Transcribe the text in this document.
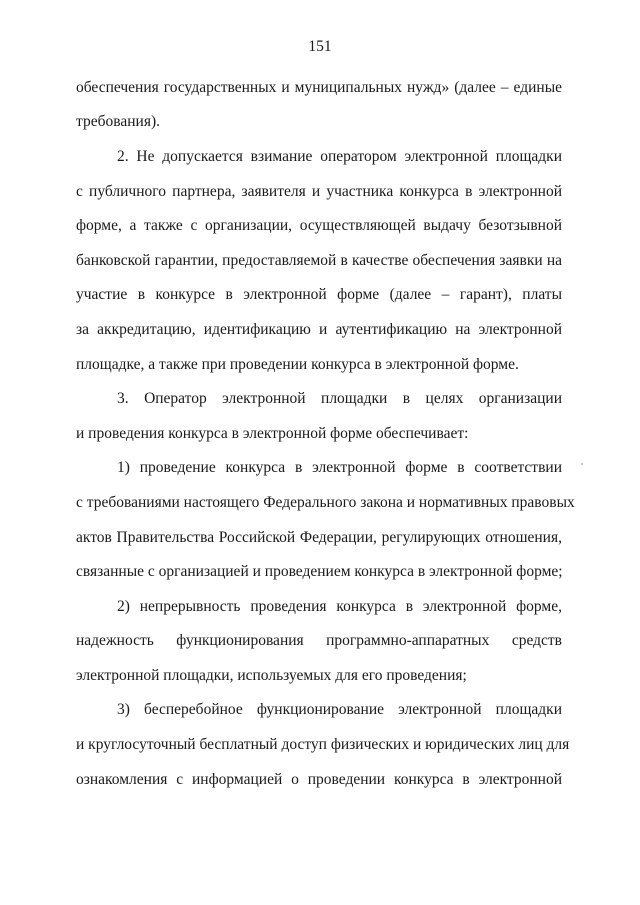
151
обеспечения государственных и муниципальных нужд» (далее – единые
требования).
2. Не допускается взимание оператором электронной площадки
с публичного партнера, заявителя и участника конкурса в электронной
форме, а также с организации, осуществляющей выдачу безотзывной
банковской гарантии, предоставляемой в качестве обеспечения заявки на
участие в конкурсе в электронной форме (далее – гарант), платы
за аккредитацию, идентификацию и аутентификацию на электронной
площадке, а также при проведении конкурса в электронной форме.
3. Оператор электронной площадки в целях организации
и проведения конкурса в электронной форме обеспечивает:
1) проведение конкурса в электронной форме в соответствии
с требованиями настоящего Федерального закона и нормативных правовых
актов Правительства Российской Федерации, регулирующих отношения,
связанные с организацией и проведением конкурса в электронной форме;
2) непрерывность проведения конкурса в электронной форме,
надежность функционирования программно-аппаратных средств
электронной площадки, используемых для его проведения;
3) бесперебойное функционирование электронной площадки
и круглосуточный бесплатный доступ физических и юридических лиц для
ознакомления с информацией о проведении конкурса в электронной
